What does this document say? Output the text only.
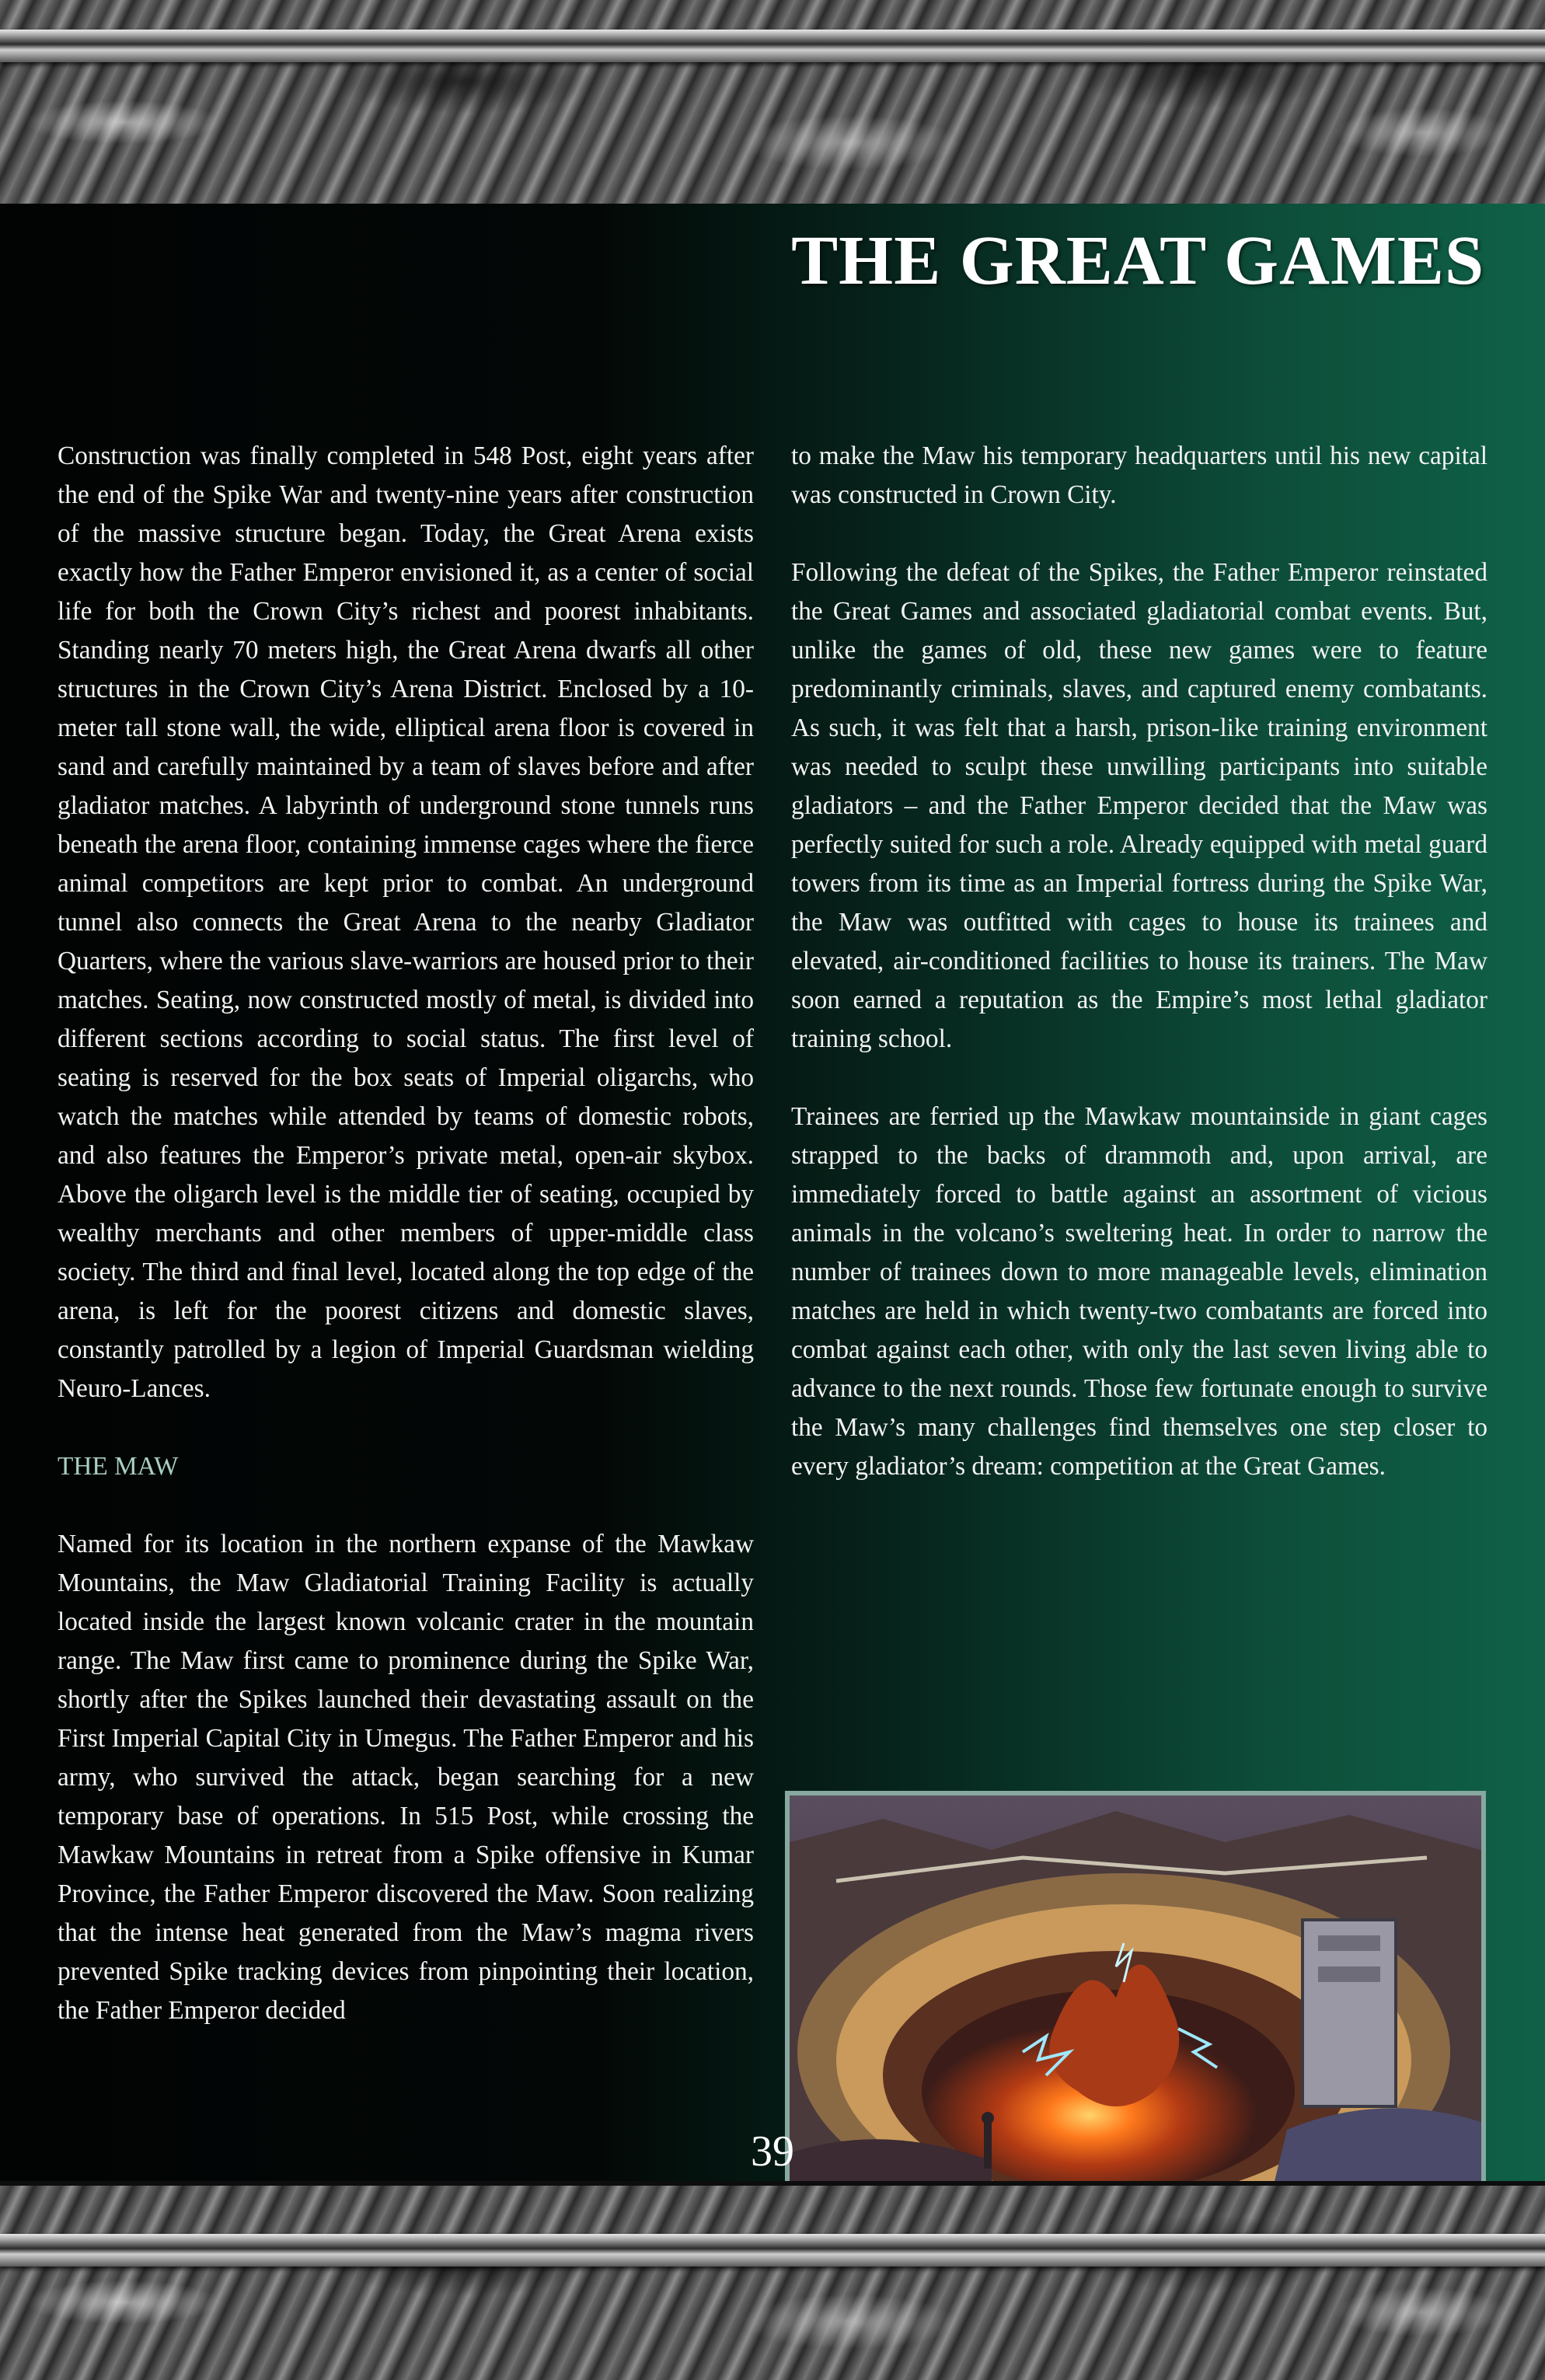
THE GREAT GAMES

Construction was finally completed in 548 Post, eight years after the end of the Spike War and twenty-nine years after construction of the massive structure began. Today, the Great Arena exists exactly how the Father Emperor envisioned it, as a center of social life for both the Crown City’s richest and poorest inhabitants. Standing nearly 70 meters high, the Great Arena dwarfs all other structures in the Crown City’s Arena District. Enclosed by a 10-meter tall stone wall, the wide, elliptical arena floor is covered in sand and carefully maintained by a team of slaves before and after gladiator matches. A labyrinth of underground stone tunnels runs beneath the arena floor, containing immense cages where the fierce animal competitors are kept prior to combat. An underground tunnel also connects the Great Arena to the nearby Gladiator Quarters, where the various slave-warriors are housed prior to their matches. Seating, now constructed mostly of metal, is divided into different sections according to social status. The first level of seating is reserved for the box seats of Imperial oligarchs, who watch the matches while attended by teams of domestic robots, and also features the Emperor’s private metal, open-air skybox. Above the oligarch level is the middle tier of seating, occupied by wealthy merchants and other members of upper-middle class society. The third and final level, located along the top edge of the arena, is left for the poorest citizens and domestic slaves, constantly patrolled by a legion of Imperial Guardsman wielding Neuro-Lances.

THE MAW

Named for its location in the northern expanse of the Mawkaw Mountains, the Maw Gladiatorial Training Facility is actually located inside the largest known volcanic crater in the mountain range. The Maw first came to prominence during the Spike War, shortly after the Spikes launched their devastating assault on the First Imperial Capital City in Umegus. The Father Emperor and his army, who survived the attack, began searching for a new temporary base of operations. In 515 Post, while crossing the Mawkaw Mountains in retreat from a Spike offensive in Kumar Province, the Father Emperor discovered the Maw. Soon realizing that the intense heat generated from the Maw’s magma rivers prevented Spike tracking devices from pinpointing their location, the Father Emperor decided

to make the Maw his temporary headquarters until his new capital was constructed in Crown City.

Following the defeat of the Spikes, the Father Emperor reinstated the Great Games and associated gladiatorial combat events. But, unlike the games of old, these new games were to feature predominantly criminals, slaves, and captured enemy combatants. As such, it was felt that a harsh, prison-like training environment was needed to sculpt these unwilling participants into suitable gladiators – and the Father Emperor decided that the Maw was perfectly suited for such a role. Already equipped with metal guard towers from its time as an Imperial fortress during the Spike War, the Maw was outfitted with cages to house its trainees and elevated, air-conditioned facilities to house its trainers. The Maw soon earned a reputation as the Empire’s most lethal gladiator training school.

Trainees are ferried up the Mawkaw mountainside in giant cages strapped to the backs of drammoth and, upon arrival, are immediately forced to battle against an assortment of vicious animals in the volcano’s sweltering heat. In order to narrow the number of trainees down to more manageable levels, elimination matches are held in which twenty-two combatants are forced into combat against each other, with only the last seven living able to advance to the next rounds. Those few fortunate enough to survive the Maw’s many challenges find themselves one step closer to every gladiator’s dream: competition at the Great Games.

39
